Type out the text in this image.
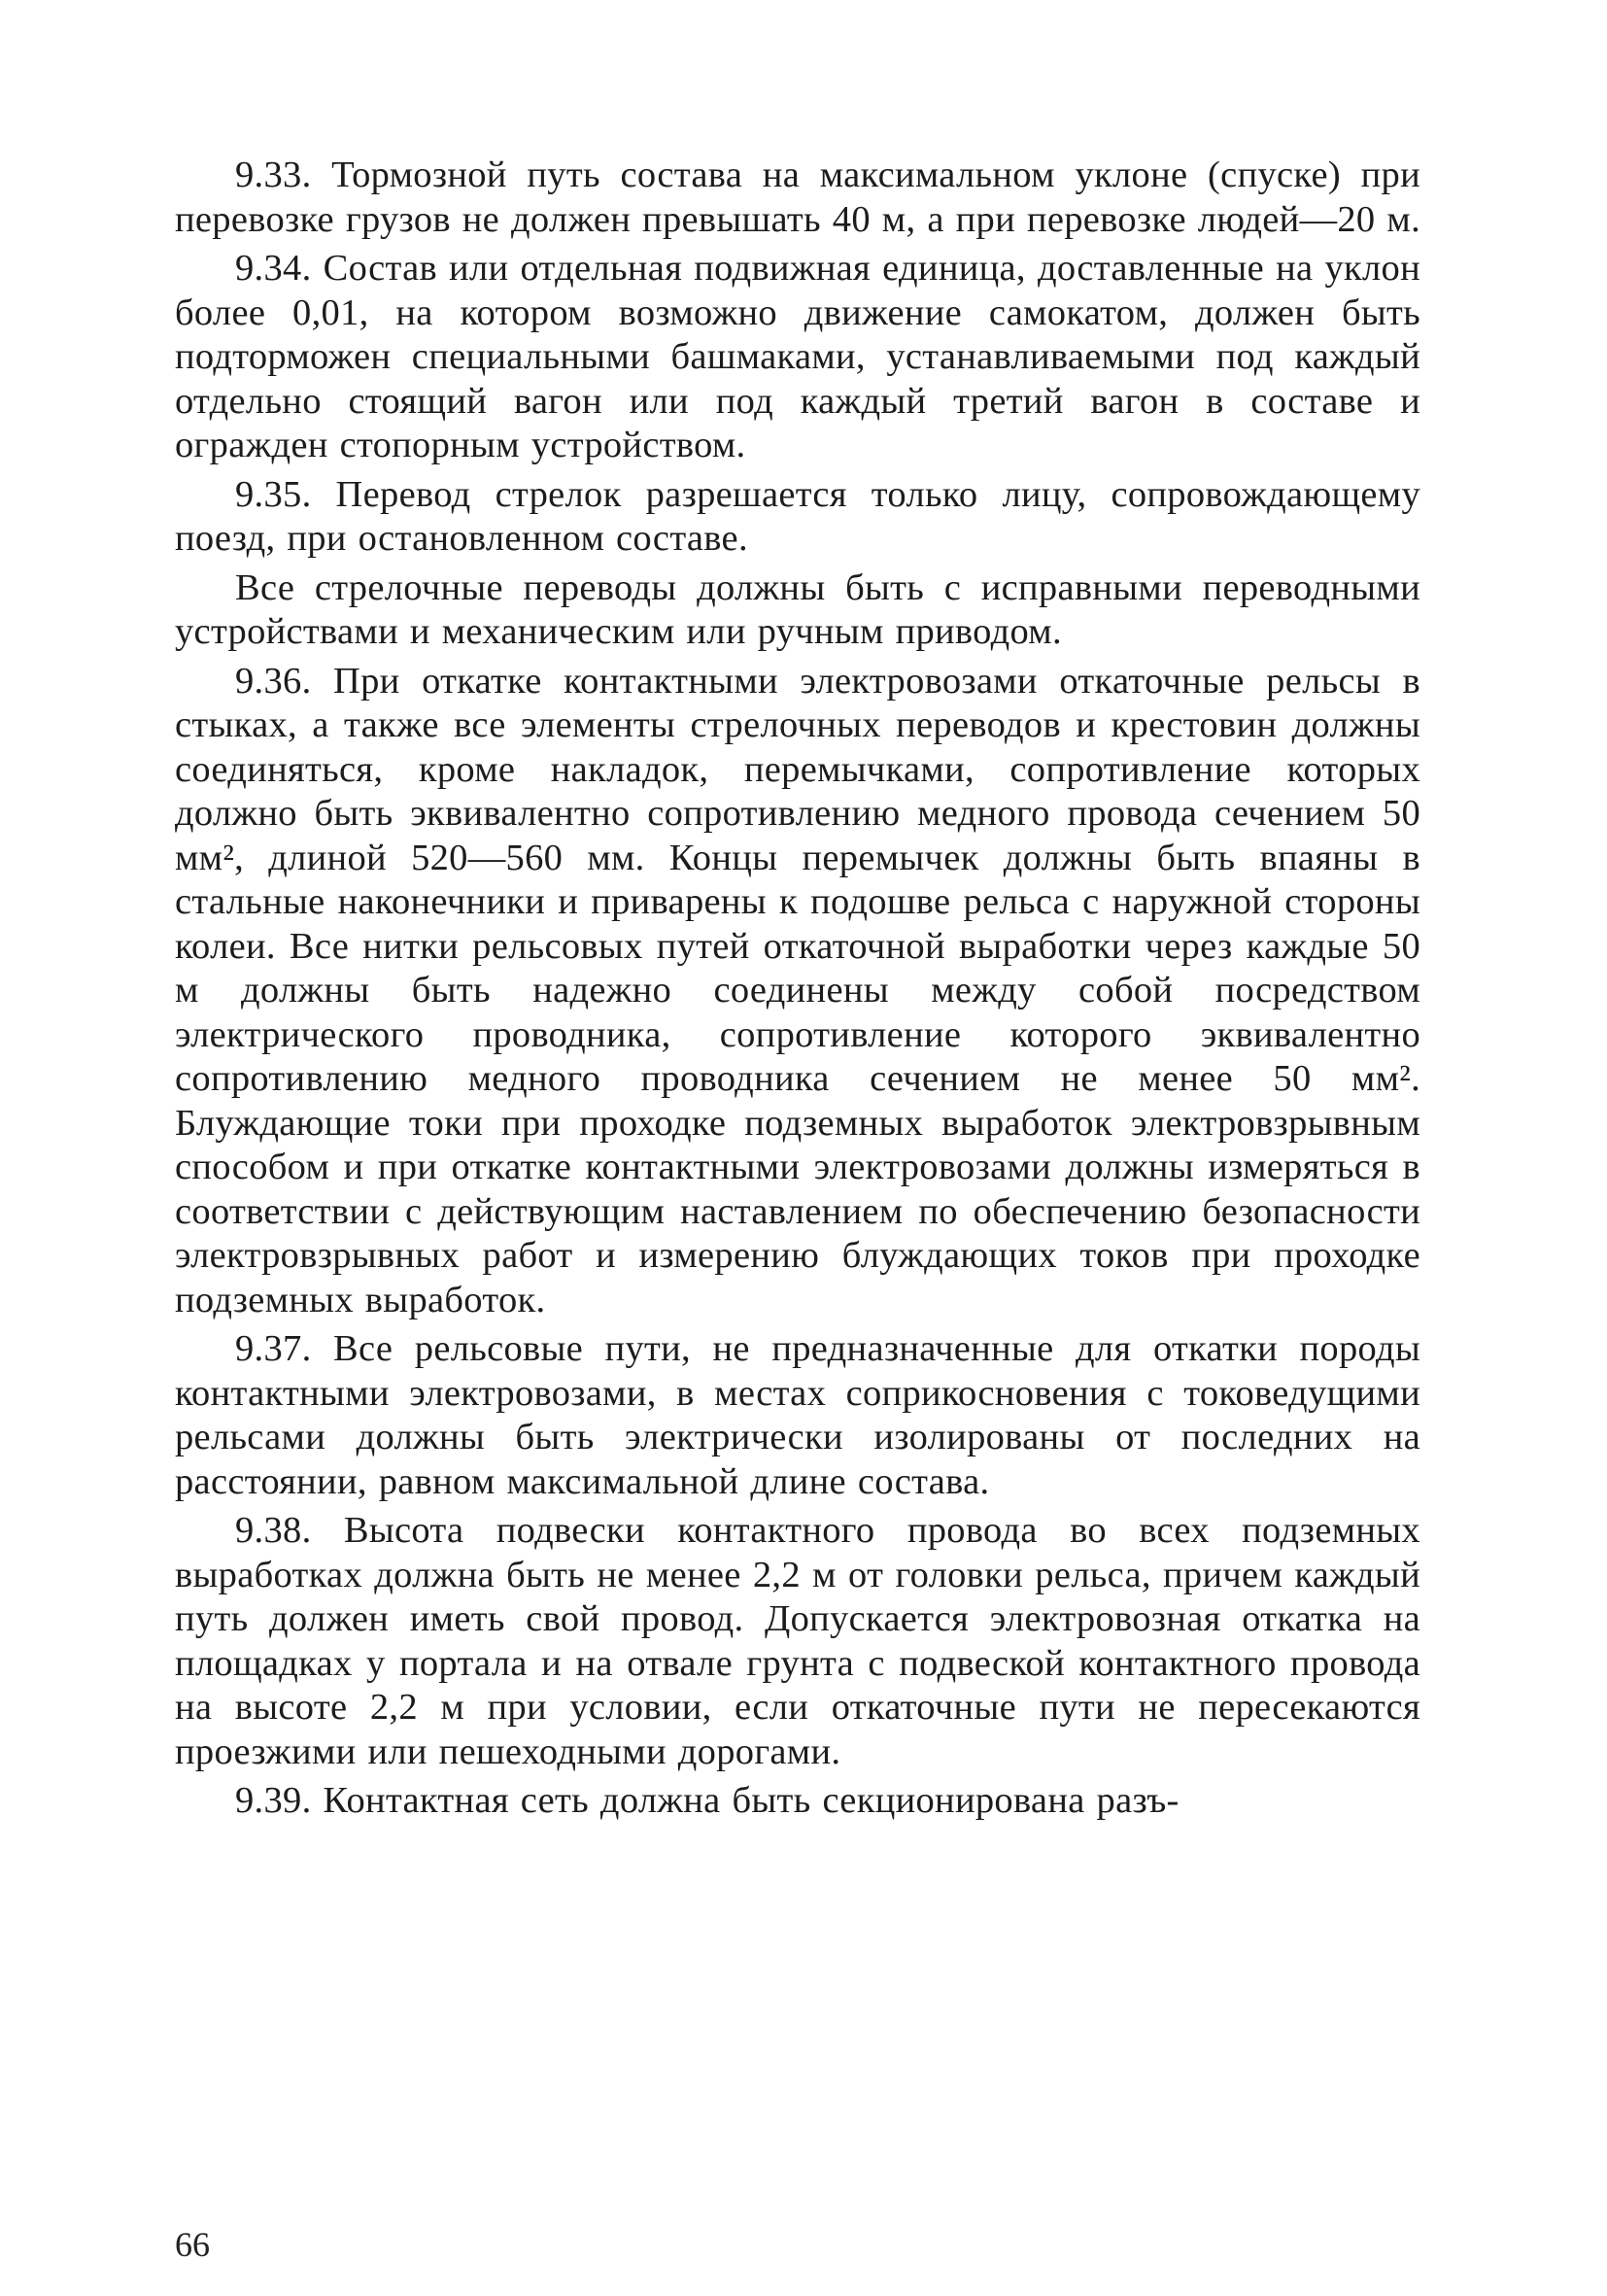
9.33. Тормозной путь состава на максимальном уклоне (спуске) при перевозке грузов не должен превышать 40 м, а при перевозке людей—20 м.

9.34. Состав или отдельная подвижная единица, доставленные на уклон более 0,01, на котором возможно движение самокатом, должен быть подторможен специальными башмаками, устанавливаемыми под каждый отдельно стоящий вагон или под каждый третий вагон в составе и огражден стопорным устройством.

9.35. Перевод стрелок разрешается только лицу, сопровождающему поезд, при остановленном составе.

Все стрелочные переводы должны быть с исправными переводными устройствами и механическим или ручным приводом.

9.36. При откатке контактными электровозами откаточные рельсы в стыках, а также все элементы стрелочных переводов и крестовин должны соединяться, кроме накладок, перемычками, сопротивление которых должно быть эквивалентно сопротивлению медного провода сечением 50 мм², длиной 520—560 мм. Концы перемычек должны быть впаяны в стальные наконечники и приварены к подошве рельса с наружной стороны колеи. Все нитки рельсовых путей откаточной выработки через каждые 50 м должны быть надежно соединены между собой посредством электрического проводника, сопротивление которого эквивалентно сопротивлению медного проводника сечением не менее 50 мм². Блуждающие токи при проходке подземных выработок электровзрывным способом и при откатке контактными электровозами должны измеряться в соответствии с действующим наставлением по обеспечению безопасности электровзрывных работ и измерению блуждающих токов при проходке подземных выработок.

9.37. Все рельсовые пути, не предназначенные для откатки породы контактными электровозами, в местах соприкосновения с токоведущими рельсами должны быть электрически изолированы от последних на расстоянии, равном максимальной длине состава.

9.38. Высота подвески контактного провода во всех подземных выработках должна быть не менее 2,2 м от головки рельса, причем каждый путь должен иметь свой провод. Допускается электровозная откатка на площадках у портала и на отвале грунта с подвеской контактного провода на высоте 2,2 м при условии, если откаточные пути не пересекаются проезжими или пешеходными дорогами.

9.39. Контактная сеть должна быть секционирована разъ-

66
